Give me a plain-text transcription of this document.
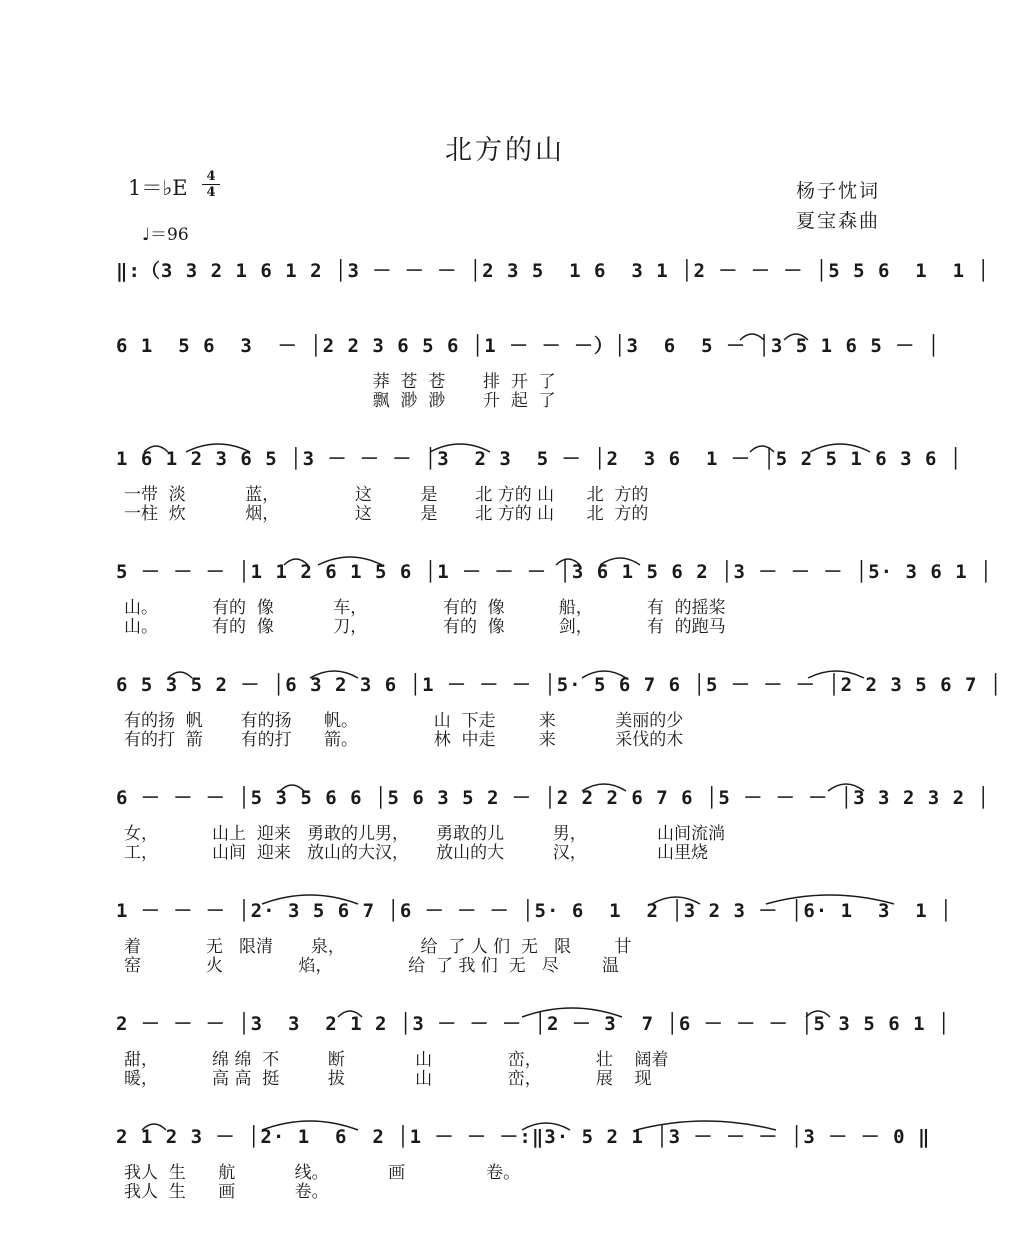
北方的山
1＝♭E	4
4
♩＝96
杨子忱词
夏宝森曲
‖:（3 3 2 1 6 1 2 │3 － － － │2 3 5  1 6  3 1 │2 － － － │5 5 6  1  1 │
6 1  5 6  3  － │2 2 3 6 5 6 │1 － － －）│3  6  5 － │3 5 1 6 5 － │
莽  苍  苍       排  开  了
飘  渺  渺       升  起  了
1 6 1 2 3 6 5 │3 － － － │3  2 3  5 － │2  3 6  1 － │5 2 5 1 6 3 6 │
一带  淡           蓝，              这         是       北 方的 山      北  方的
一柱  炊           烟，              这         是       北 方的 山      北  方的
5 － － － │1 1 2 6 1 5 6 │1 － － － │3 6 1 5 6 2 │3 － － － │5· 3 6 1 │
山。          有的  像           车，              有的  像          船，          有  的摇桨
山。          有的  像           刀，              有的  像          剑，          有  的跑马
6 5 3 5 2 － │6 3 2 3 6 │1 － － － │5· 5 6 7 6 │5 － － － │2 2 3 5 6 7 │
有的扬  帆       有的扬      帆。              山  下走        来           美丽的少
有的打  箭       有的打      箭。              林  中走        来           采伐的木
6 － － － │5 3 5 6 6 │5 6 3 5 2 － │2 2 2 6 7 6 │5 － － － │3 3 2 3 2 │
女，          山上  迎来   勇敢的儿男，     勇敢的儿         男，             山间流淌
工，          山间  迎来   放山的大汉，     放山的大         汉，             山里烧
1 － － － │2· 3 5 6 7 │6 － － － │5· 6  1  2 │3 2 3 － │6· 1  3  1 │
着            无   限清       泉，              给  了 人 们  无   限        甘
窑            火              焰，              给  了 我 们  无   尽        温
2 － － － │3  3  2 1 2 │3 － － － │2 － 3  7 │6 － － － │5 3 5 6 1 │
甜，          绵 绵  不         断             山              峦，          壮    阔着
暖，          高 高  挺         拔             山              峦，          展    现
2 1 2 3 － │2· 1  6  2 │1 － － －:‖3· 5 2 1 │3 － － － │3 － － 0 ‖
我人  生      航           线。           画               卷。
我人  生      画           卷。
